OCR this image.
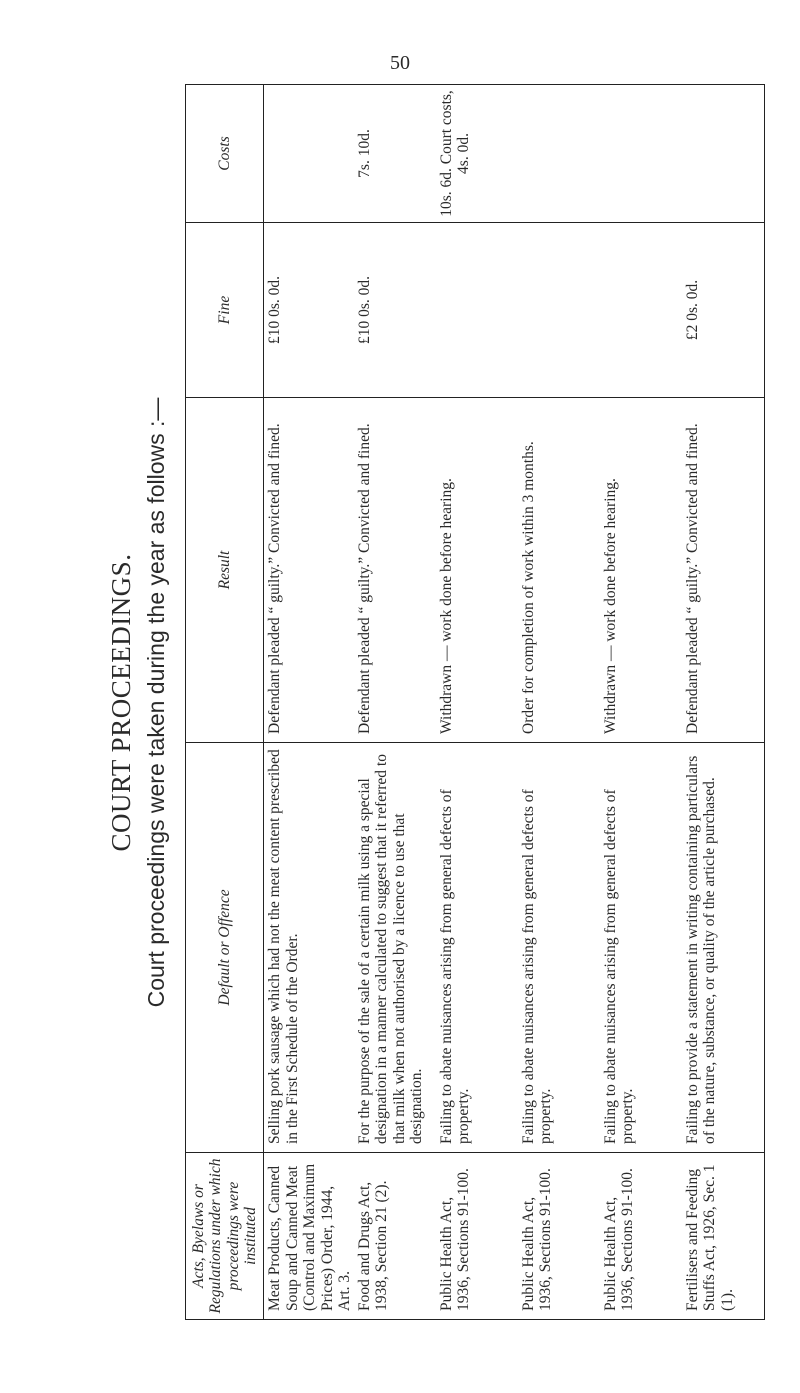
50
COURT PROCEEDINGS. Court proceedings were taken during the year as follows :—
Acts, Byelaws or Regulations under which proceedings were instituted	Default or Offence	Result	Fine	Costs
Meat Products, Canned Soup and Canned Meat (Control and Maximum Prices) Order, 1944, Art. 3.	Selling pork sausage which had not the meat content prescribed in the First Schedule of the Order.	Defendant pleaded “ guilty.” Convicted and fined.	£10 0s. 0d.	
Food and Drugs Act, 1938, Section 21 (2).	For the purpose of the sale of a certain milk using a special designation in a manner calculated to suggest that it referred to that milk when not authorised by a licence to use that designation.	Defendant pleaded “ guilty.” Convicted and fined.	£10 0s. 0d.	7s. 10d.
Public Health Act, 1936, Sections 91-100.	Failing to abate nuisances arising from general defects of property.	Withdrawn — work done before hearing.		10s. 6d. Court costs, 4s. 0d.
Public Health Act, 1936, Sections 91-100.	Failing to abate nuisances arising from general defects of property.	Order for completion of work within 3 months.		
Public Health Act, 1936, Sections 91-100.	Failing to abate nuisances arising from general defects of property.	Withdrawn — work done before hearing.		
Fertilisers and Feeding Stuffs Act, 1926, Sec. 1 (1).	Failing to provide a statement in writing containing particulars of the nature, substance, or quality of the article purchased.	Defendant pleaded “ guilty.” Convicted and fined.	£2 0s. 0d.	
